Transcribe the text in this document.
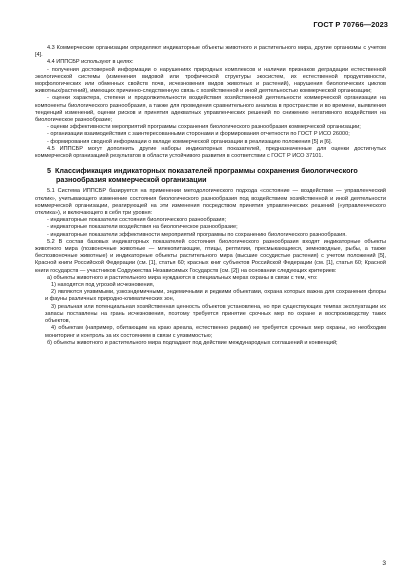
ГОСТ Р 70766—2023

4.3 Коммерческие организации определяют индикаторные объекты животного и растительного мира, другие организмы с учетом [4].

4.4 ИППСБР используют в целях:

- получения достоверной информации о нарушениях природных комплексов и наличии признаков деградации естественной экологической системы (изменения видовой или трофической структуры экосистем, их естественной продуктивности, морфологических или обменных свойств почв, исчезновения видов животных и растений), нарушения биологических циклов животных/растений), имеющих причинно-следственную связь с хозяйственной и иной деятельностью коммерческой организации;

- оценки характера, степени и продолжительности воздействия хозяйственной деятельности коммерческой организации на компоненты биологического разнообразия, а также для проведения сравнительного анализа в пространстве и во времени, выявления тенденций изменений, оценки рисков и принятия адекватных управленческих решений по снижению негативного воздействия на биологическое разнообразие;

- оценки эффективности мероприятий программы сохранения биологического разнообразия коммерческой организации;

- организации взаимодействия с заинтересованными сторонами и формирования отчетности по ГОСТ Р ИСО 26000;

- формирования сводной информации о вкладе коммерческой организации в реализацию положения [5] и [6].

4.5 ИППСБР могут дополнить другие наборы индикаторных показателей, предназначенные для оценки достигнутых коммерческой организацией результатов в области устойчивого развития в соответствии с ГОСТ Р ИСО 37101.

5 Классификация индикаторных показателей программы сохранения биологического разнообразия коммерческой организации

5.1 Система ИППСБР базируется на применении методологического подхода «состояние — воздействие — управленческий отклик», учитывающего изменение состояния биологического разнообразия под воздействием хозяйственной и иной деятельности коммерческой организации, реагирующей на эти изменения посредством принятия управленческих решений («управленческого отклика»), и включающего в себя три уровня:

- индикаторные показатели состояния биологического разнообразия;

- индикаторные показатели воздействия на биологическое разнообразие;

- индикаторные показатели эффективности мероприятий программы по сохранению биологического разнообразия.

5.2 В состав базовых индикаторных показателей состояния биологического разнообразия входят индикаторные объекты животного мира (позвоночные животные — млекопитающие, птицы, рептилии, пресмыкающиеся, земноводные, рыбы, а также беспозвоночные животные) и индикаторные объекты растительного мира (высшие сосудистые растения) с учетом положений [5], Красной книги Российской Федерации (см. [1], статья 60; красных книг субъектов Российской Федерации (см. [1], статья 60; Красной книги государств — участников Содружества Независимых Государств (см. [2]) на основании следующих критериев:

а) объекты животного и растительного мира нуждаются в специальных мерах охраны в связи с тем, что:

1) находятся под угрозой исчезновения,

2) являются уязвимыми, узкоэндемичными, эндемичными и редкими объектами, охрана которых важна для сохранения флоры и фауны различных природно-климатических зон,

3) реальная или потенциальная хозяйственная ценность объектов установлена, но при существующих темпах эксплуатации их запасы поставлены на грань исчезновения, поэтому требуется принятие срочных мер по охране и воспроизводству таких объектов,

4) объектам (например, обитающим на краю ареала, естественно редким) не требуется срочных мер охраны, но необходим мониторинг и контроль за их состоянием в связи с уязвимостью;

б) объекты животного и растительного мира подпадают под действие международных соглашений и конвенций;

3
